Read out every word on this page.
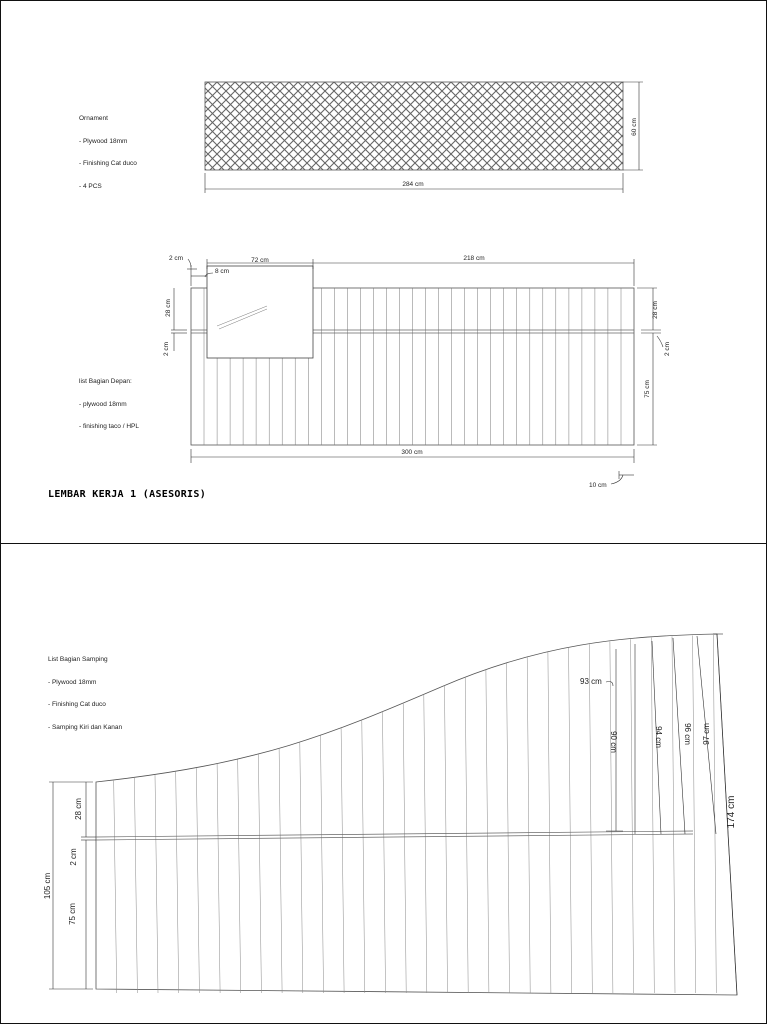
60 cm
284 cm
2 cm
8 cm
72 cm	218 cm
28 cm
2 cm
28 cm
2 cm
75 cm
300 cm
10 cm

Ornament

- Plywood 18mm

- Finishing Cat duco

- 4 PCS

list Bagian Depan:

- plywood 18mm

- finishing taco / HPL

LEMBAR KERJA 1 (ASESORIS)
105 cm
28 cm
2 cm
75 cm
93 cm
90 cm	94 cm	96 cm 97 cm
174 cm

List Bagian Samping

- Plywood 18mm

- Finishing Cat duco

- Samping Kiri dan Kanan
